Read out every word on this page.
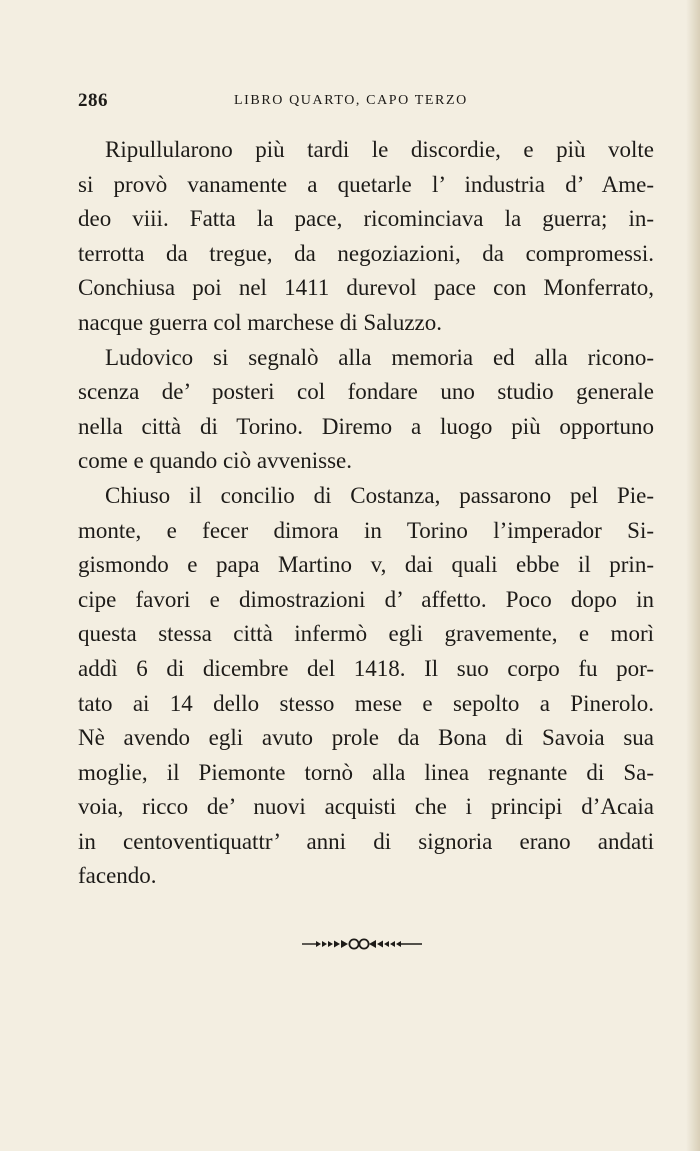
286	LIBRO QUARTO, CAPO TERZO
Ripullularono più tardi le discordie, e più volte
si provò vanamente a quetarle l’ industria d’ Ame-
deo viii. Fatta la pace, ricominciava la guerra; in-
terrotta da tregue, da negoziazioni, da compromessi.
Conchiusa poi nel 1411 durevol pace con Monferrato,
nacque guerra col marchese di Saluzzo.
Ludovico si segnalò alla memoria ed alla ricono-
scenza de’ posteri col fondare uno studio generale
nella città di Torino. Diremo a luogo più opportuno
come e quando ciò avvenisse.
Chiuso il concilio di Costanza, passarono pel Pie-
monte, e fecer dimora in Torino l’imperador Si-
gismondo e papa Martino v, dai quali ebbe il prin-
cipe favori e dimostrazioni d’ affetto. Poco dopo in
questa stessa città infermò egli gravemente, e morì
addì 6 di dicembre del 1418. Il suo corpo fu por-
tato ai 14 dello stesso mese e sepolto a Pinerolo.
Nè avendo egli avuto prole da Bona di Savoia sua
moglie, il Piemonte tornò alla linea regnante di Sa-
voia, ricco de’ nuovi acquisti che i principi d’Acaia
in centoventiquattr’ anni di signoria erano andati
facendo.
